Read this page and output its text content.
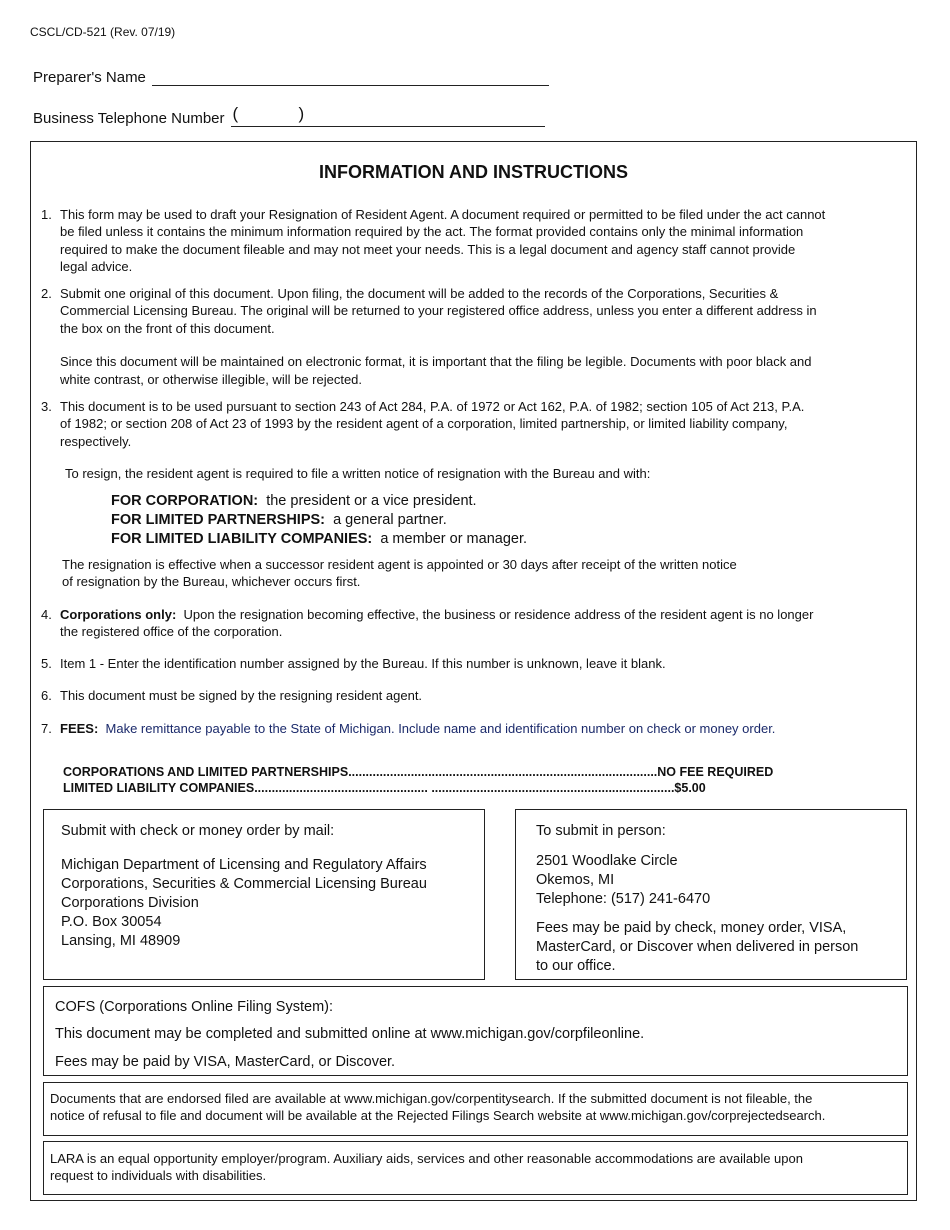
CSCL/CD-521 (Rev. 07/19)
Preparer's Name
Business Telephone Number (	)
INFORMATION AND INSTRUCTIONS
1. This form may be used to draft your Resignation of Resident Agent. A document required or permitted to be filed under the act cannot
be filed unless it contains the minimum information required by the act. The format provided contains only the minimal information
required to make the document fileable and may not meet your needs. This is a legal document and agency staff cannot provide
legal advice.
2. Submit one original of this document. Upon filing, the document will be added to the records of the Corporations, Securities &
Commercial Licensing Bureau. The original will be returned to your registered office address, unless you enter a different address in
the box on the front of this document.
Since this document will be maintained on electronic format, it is important that the filing be legible. Documents with poor black and
white contrast, or otherwise illegible, will be rejected.
3. This document is to be used pursuant to section 243 of Act 284, P.A. of 1972 or Act 162, P.A. of 1982; section 105 of Act 213, P.A.
of 1982; or section 208 of Act 23 of 1993 by the resident agent of a corporation, limited partnership, or limited liability company,
respectively.
To resign, the resident agent is required to file a written notice of resignation with the Bureau and with:
FOR CORPORATION: the president or a vice president.
FOR LIMITED PARTNERSHIPS: a general partner.
FOR LIMITED LIABILITY COMPANIES: a member or manager.
The resignation is effective when a successor resident agent is appointed or 30 days after receipt of the written notice
of resignation by the Bureau, whichever occurs first.
4. Corporations only: Upon the resignation becoming effective, the business or residence address of the resident agent is no longer
the registered office of the corporation.
5. Item 1 - Enter the identification number assigned by the Bureau. If this number is unknown, leave it blank.
6. This document must be signed by the resigning resident agent.
7. FEES: Make remittance payable to the State of Michigan. Include name and identification number on check or money order.
CORPORATIONS AND LIMITED PARTNERSHIPS.........................................................................................NO FEE REQUIRED
LIMITED LIABILITY COMPANIES.................................................. ......................................................................$5.00
Submit with check or money order by mail:
Michigan Department of Licensing and Regulatory Affairs
Corporations, Securities & Commercial Licensing Bureau
Corporations Division
P.O. Box 30054
Lansing, MI 48909
To submit in person:
2501 Woodlake Circle
Okemos, MI
Telephone: (517) 241-6470
Fees may be paid by check, money order, VISA,
MasterCard, or Discover when delivered in person
to our office.
COFS (Corporations Online Filing System):
This document may be completed and submitted online at www.michigan.gov/corpfileonline.
Fees may be paid by VISA, MasterCard, or Discover.
Documents that are endorsed filed are available at www.michigan.gov/corpentitysearch. If the submitted document is not fileable, the
notice of refusal to file and document will be available at the Rejected Filings Search website at www.michigan.gov/corprejectedsearch.
LARA is an equal opportunity employer/program. Auxiliary aids, services and other reasonable accommodations are available upon
request to individuals with disabilities.
